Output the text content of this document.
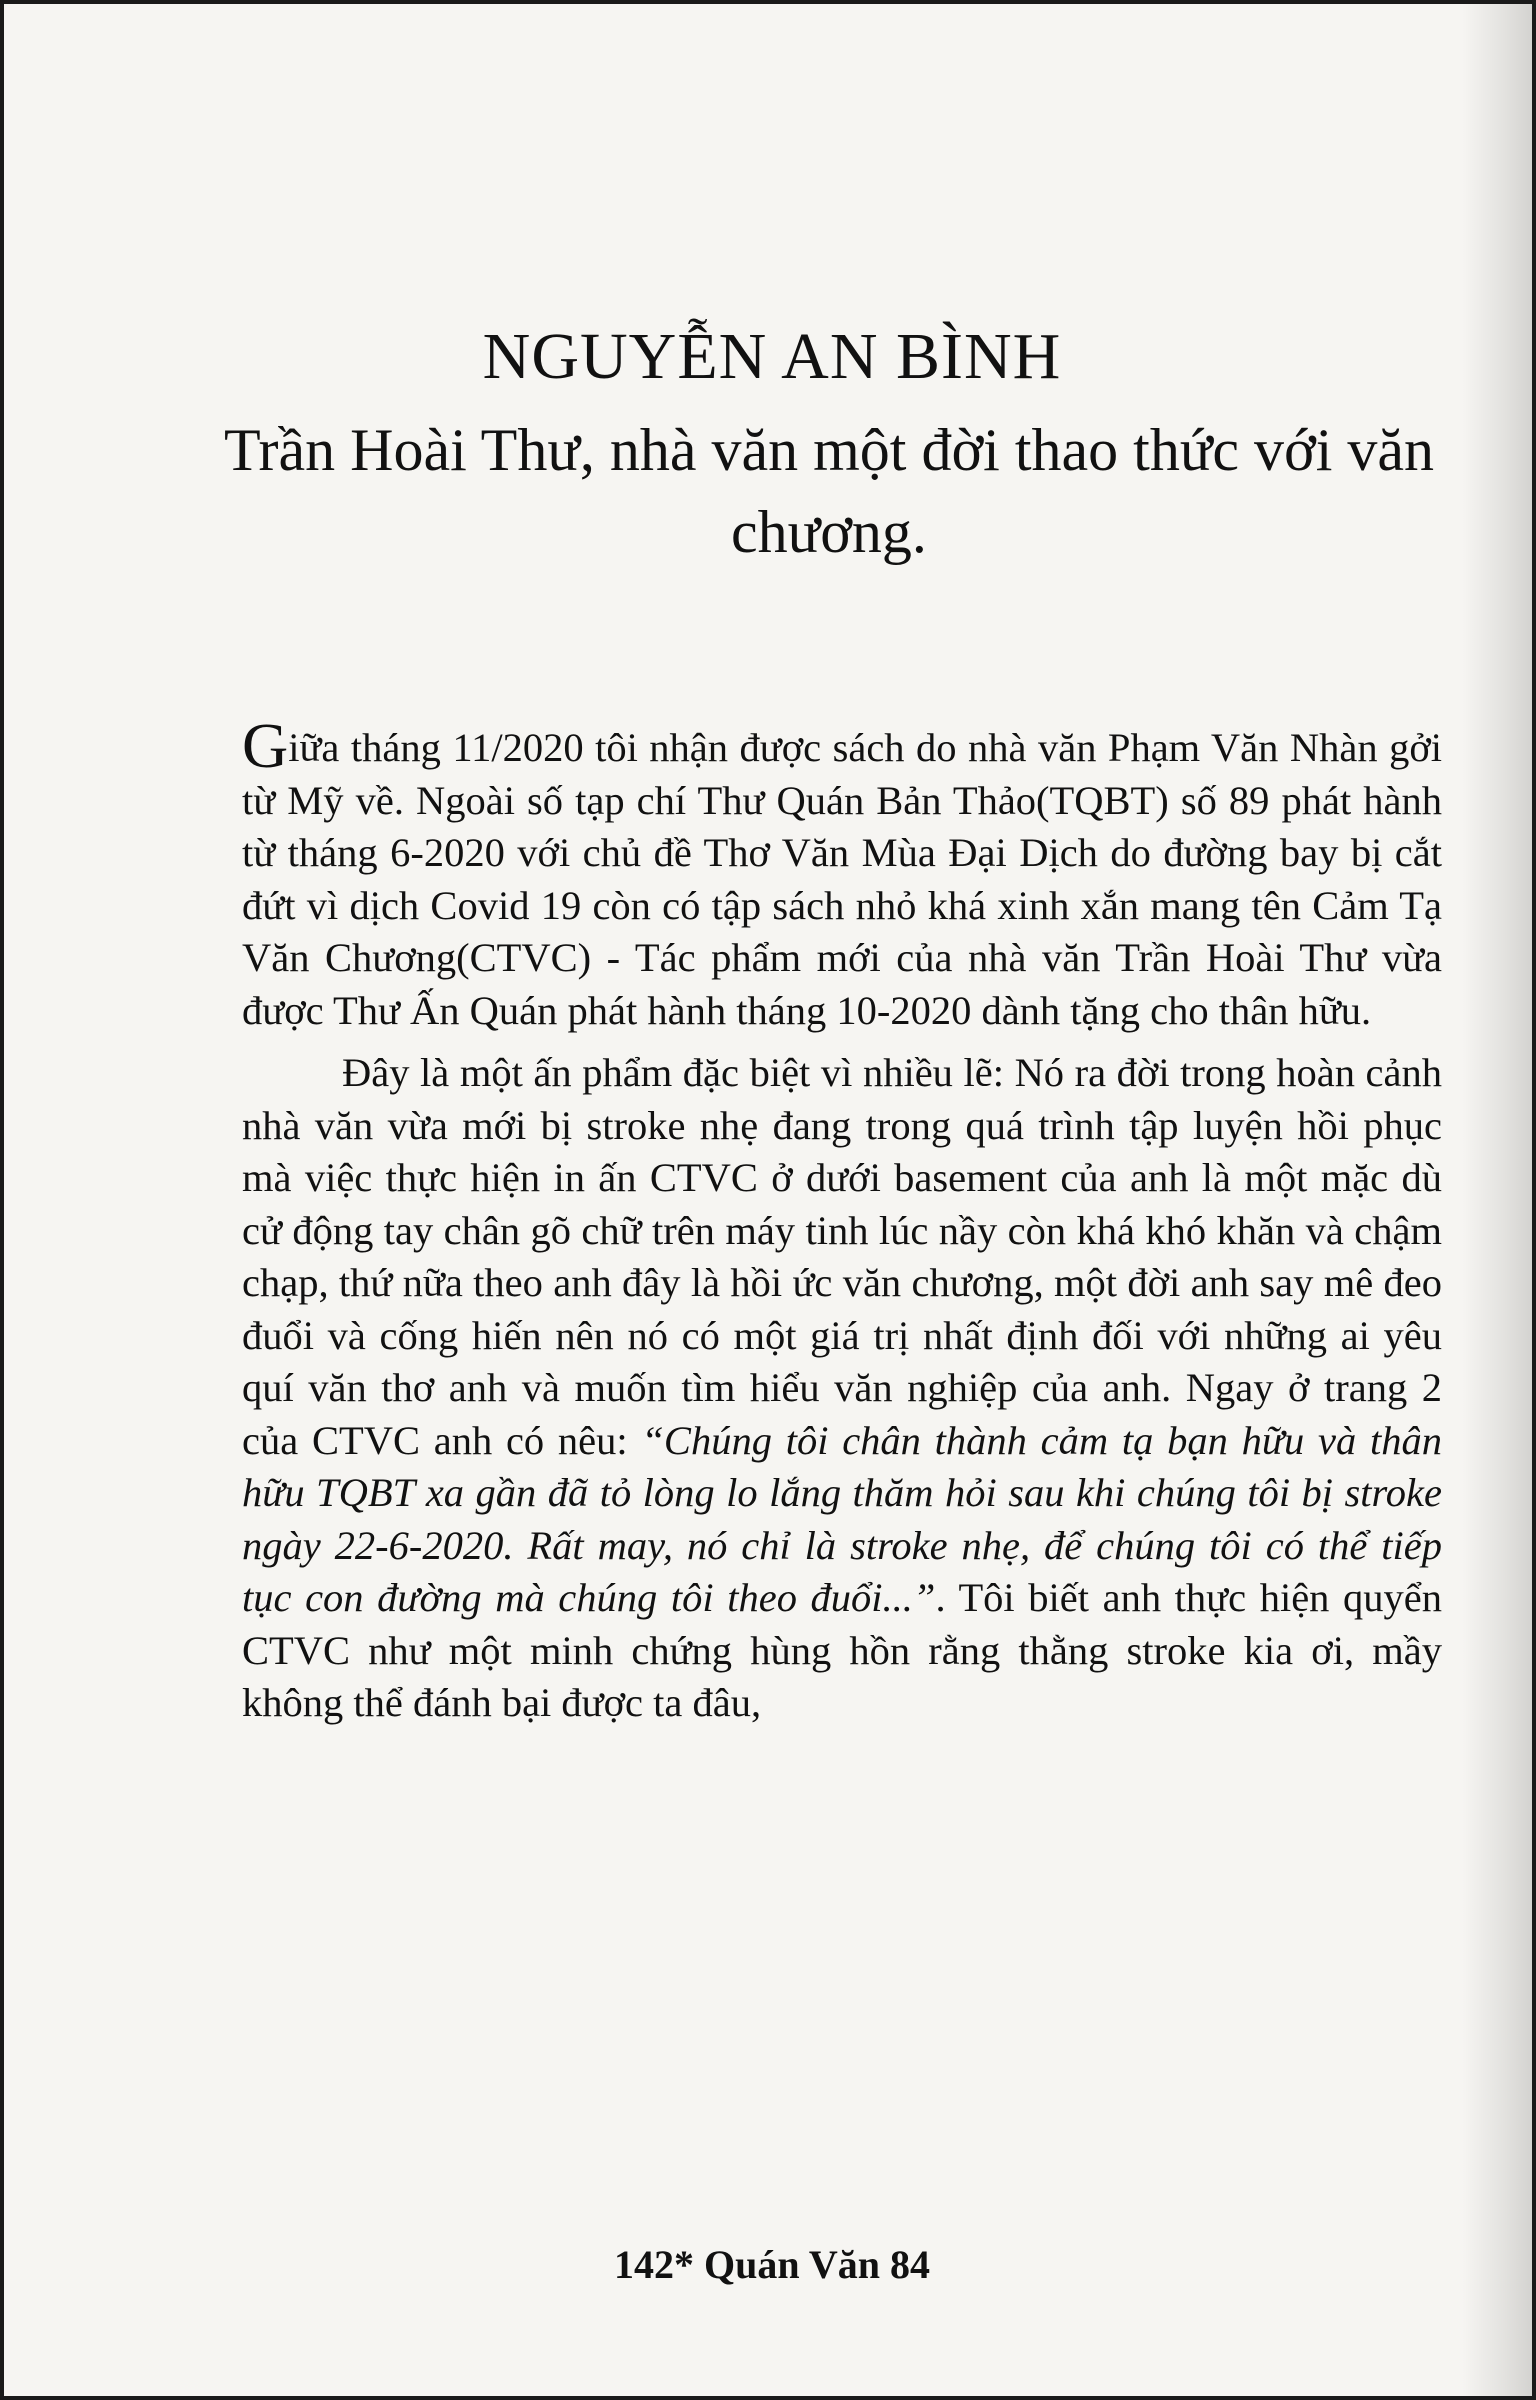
NGUYỄN AN BÌNH
Trần Hoài Thư, nhà văn một đời thao thức với văn chương.

Giữa tháng 11/2020 tôi nhận được sách do nhà văn Phạm Văn Nhàn gởi từ Mỹ về. Ngoài số tạp chí Thư Quán Bản Thảo(TQBT) số 89 phát hành từ tháng 6-2020 với chủ đề Thơ Văn Mùa Đại Dịch do đường bay bị cắt đứt vì dịch Covid 19 còn có tập sách nhỏ khá xinh xắn mang tên Cảm Tạ Văn Chương(CTVC) - Tác phẩm mới của nhà văn Trần Hoài Thư vừa được Thư Ấn Quán phát hành tháng 10-2020 dành tặng cho thân hữu.

Đây là một ấn phẩm đặc biệt vì nhiều lẽ: Nó ra đời trong hoàn cảnh nhà văn vừa mới bị stroke nhẹ đang trong quá trình tập luyện hồi phục mà việc thực hiện in ấn CTVC ở dưới basement của anh là một mặc dù cử động tay chân gõ chữ trên máy tinh lúc nầy còn khá khó khăn và chậm chạp, thứ nữa theo anh đây là hồi ức văn chương, một đời anh say mê đeo đuổi và cống hiến nên nó có một giá trị nhất định đối với những ai yêu quí văn thơ anh và muốn tìm hiểu văn nghiệp của anh. Ngay ở trang 2 của CTVC anh có nêu: “Chúng tôi chân thành cảm tạ bạn hữu và thân hữu TQBT xa gần đã tỏ lòng lo lắng thăm hỏi sau khi chúng tôi bị stroke ngày 22-6-2020. Rất may, nó chỉ là stroke nhẹ, để chúng tôi có thể tiếp tục con đường mà chúng tôi theo đuổi...”. Tôi biết anh thực hiện quyển CTVC như một minh chứng hùng hồn rằng thằng stroke kia ơi, mầy không thể đánh bại được ta đâu,

142* Quán Văn 84
